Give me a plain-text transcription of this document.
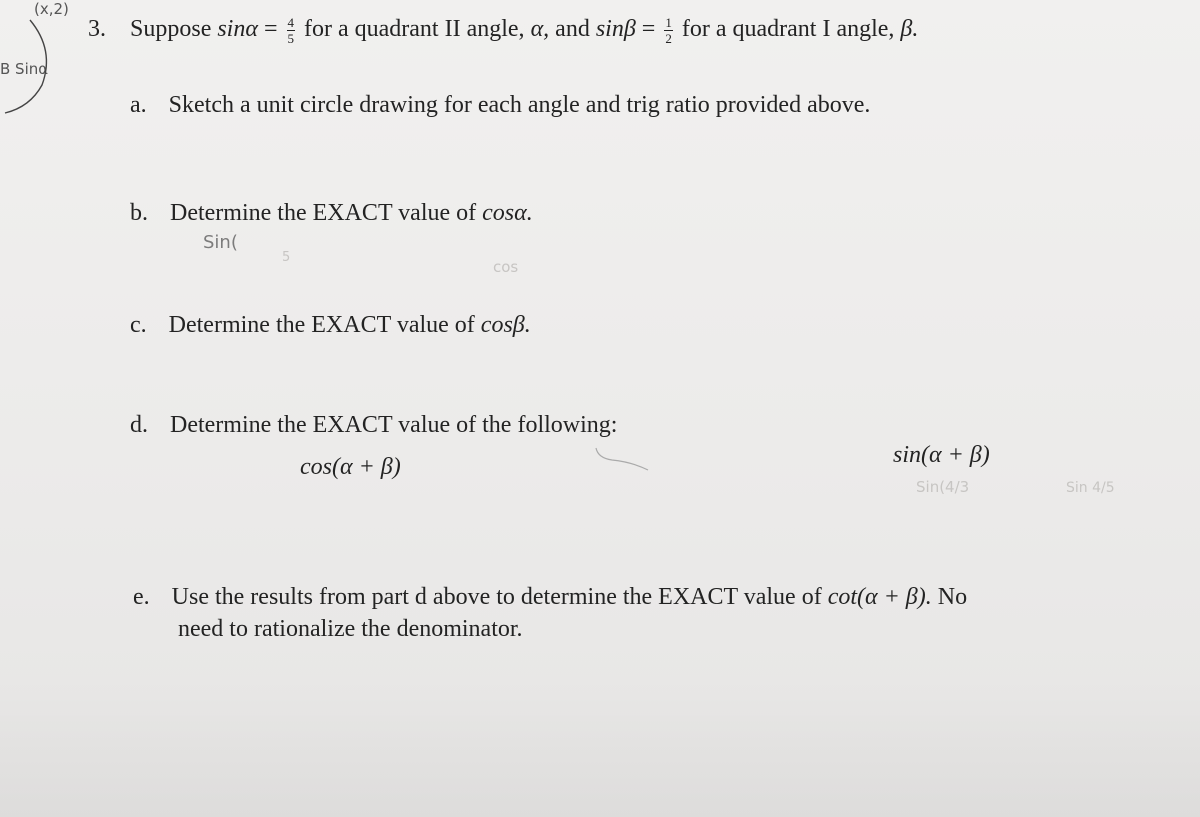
(x,2)
B Sinα
3. Suppose $\sin\alpha = \frac{4}{5}$ for a quadrant II angle, α, and $\sin\beta = \frac{1}{2}$ for a quadrant I angle, β.
a. Sketch a unit circle drawing for each angle and trig ratio provided above.
b. Determine the EXACT value of cosα.
Sin(
5
cos
c. Determine the EXACT value of cosβ.
d. Determine the EXACT value of the following:
cos(α + β)	sin(α + β)
Sin(4/3	Sin 4/5
e. Use the results from part d above to determine the EXACT value of cot(α + β). No
need to rationalize the denominator.
